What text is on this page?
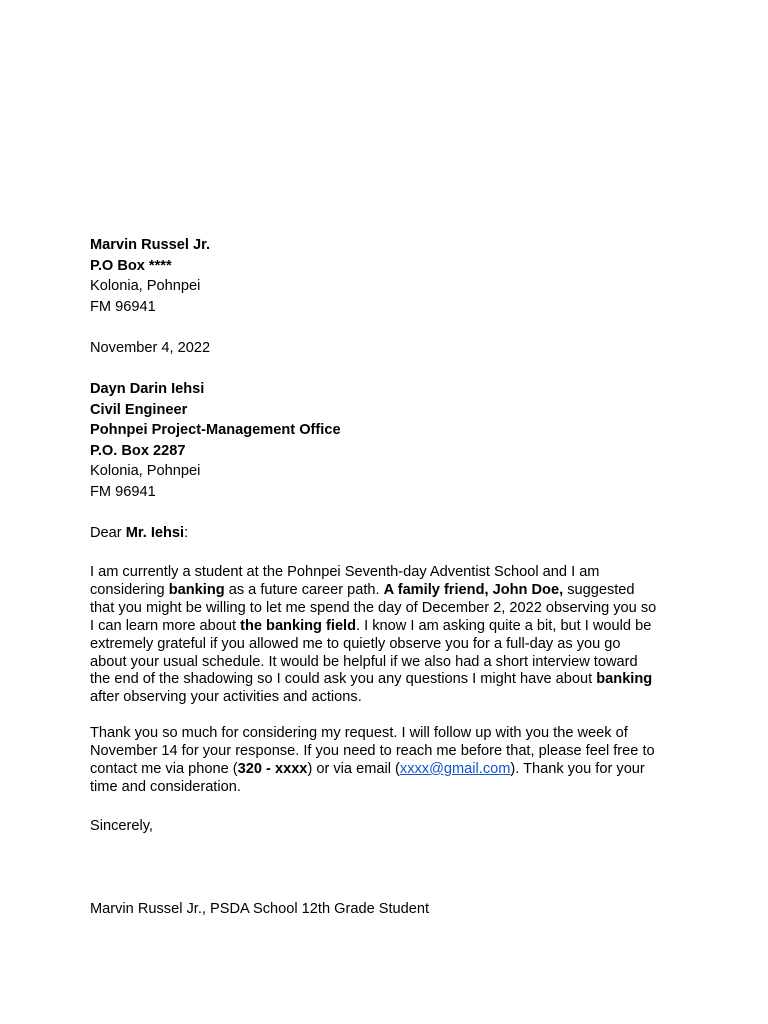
Marvin Russel Jr.
P.O Box ****
Kolonia, Pohnpei
FM 96941
November 4, 2022
Dayn Darin Iehsi
Civil Engineer
Pohnpei Project-Management Office
P.O. Box 2287
Kolonia, Pohnpei
FM 96941
Dear Mr. Iehsi:
I am currently a student at the Pohnpei Seventh-day Adventist School and I am
considering banking as a future career path. A family friend, John Doe, suggested
that you might be willing to let me spend the day of December 2, 2022 observing you so
I can learn more about the banking field. I know I am asking quite a bit, but I would be
extremely grateful if you allowed me to quietly observe you for a full-day as you go
about your usual schedule. It would be helpful if we also had a short interview toward
the end of the shadowing so I could ask you any questions I might have about banking
after observing your activities and actions.
Thank you so much for considering my request. I will follow up with you the week of
November 14 for your response. If you need to reach me before that, please feel free to
contact me via phone (320 - xxxx) or via email (xxxx@gmail.com). Thank you for your
time and consideration.
Sincerely,
Marvin Russel Jr., PSDA School 12th Grade Student
